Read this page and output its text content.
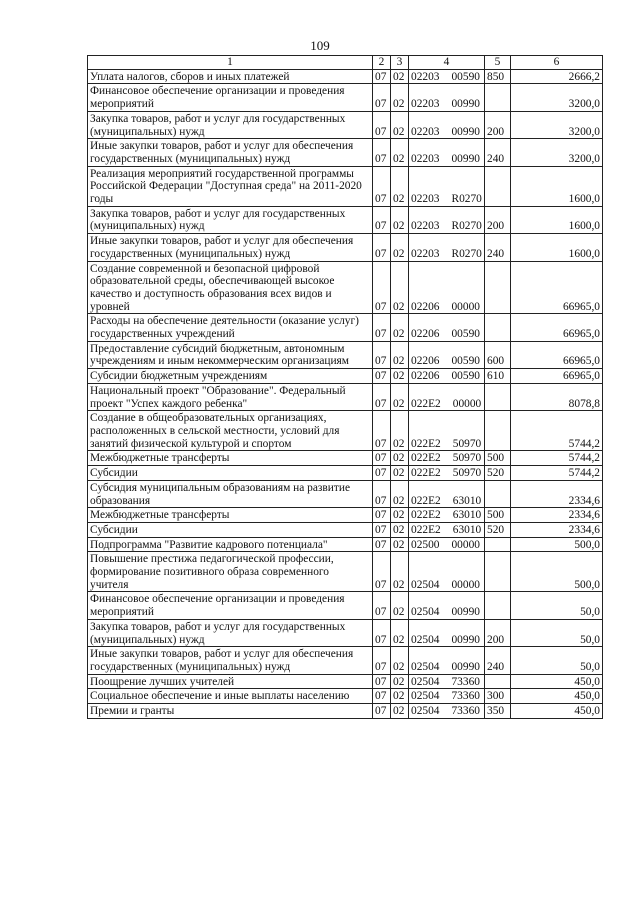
109
1	2	3	4	5	6
Уплата налогов, сборов и иных платежей	07	02	02203 00590	850	2666,2
Финансовое обеспечение организации и проведения мероприятий	07	02	02203 00990		3200,0
Закупка товаров, работ и услуг для государственных (муниципальных) нужд	07	02	02203 00990	200	3200,0
Иные закупки товаров, работ и услуг для обеспечения государственных (муниципальных) нужд	07	02	02203 00990	240	3200,0
Реализация мероприятий государственной программы Российской Федерации "Доступная среда" на 2011-2020 годы	07	02	02203 R0270		1600,0
Закупка товаров, работ и услуг для государственных (муниципальных) нужд	07	02	02203 R0270	200	1600,0
Иные закупки товаров, работ и услуг для обеспечения государственных (муниципальных) нужд	07	02	02203 R0270	240	1600,0
Создание современной и безопасной цифровой образовательной среды, обеспечивающей высокое качество и доступность образования всех видов и уровней	07	02	02206 00000		66965,0
Расходы на обеспечение деятельности (оказание услуг) государственных учреждений	07	02	02206 00590		66965,0
Предоставление субсидий бюджетным, автономным учреждениям и иным некоммерческим организациям	07	02	02206 00590	600	66965,0
Субсидии бюджетным учреждениям	07	02	02206 00590	610	66965,0
Национальный проект "Образование". Федеральный проект "Успех каждого ребенка"	07	02	022E2 00000		8078,8
Создание в общеобразовательных организациях, расположенных в сельской местности, условий для занятий физической культурой и спортом	07	02	022E2 50970		5744,2
Межбюджетные трансферты	07	02	022E2 50970	500	5744,2
Субсидии	07	02	022E2 50970	520	5744,2
Субсидия муниципальным образованиям на развитие образования	07	02	022E2 63010		2334,6
Межбюджетные трансферты	07	02	022E2 63010	500	2334,6
Субсидии	07	02	022E2 63010	520	2334,6
Подпрограмма "Развитие кадрового потенциала"	07	02	02500 00000		500,0
Повышение престижа педагогической профессии, формирование позитивного образа современного учителя	07	02	02504 00000		500,0
Финансовое обеспечение организации и проведения мероприятий	07	02	02504 00990		50,0
Закупка товаров, работ и услуг для государственных (муниципальных) нужд	07	02	02504 00990	200	50,0
Иные закупки товаров, работ и услуг для обеспечения государственных (муниципальных) нужд	07	02	02504 00990	240	50,0
Поощрение лучших учителей	07	02	02504 73360		450,0
Социальное обеспечение и иные выплаты населению	07	02	02504 73360	300	450,0
Премии и гранты	07	02	02504 73360	350	450,0
